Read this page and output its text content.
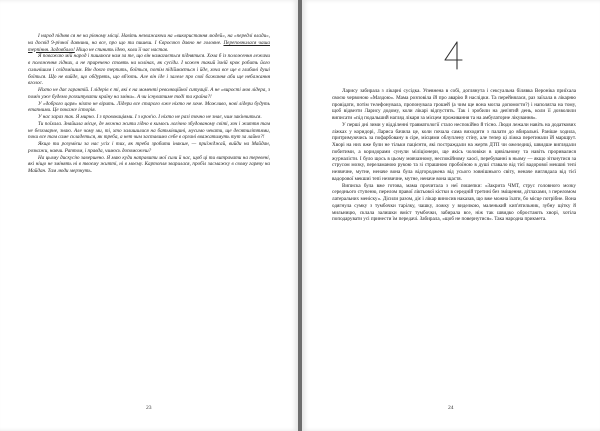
І народ підняв ся не на рівному місці. Навіть незважаючи на «використання людей», на «передлі влади», на досвід 9-річної давнини, на все, про що ти пишеш. І Євросоюз давно не головне. Переповнилася чаша терпіння. Задовбало! Ніщо не спинить ідею, коли її час настав.

Я поважаю мій народ і пишаюся нам за те, що він намагається піднятися. Хоча б із положення лежачи в положення гідних, а не приречено стоять на колінах, як сусіди. І кожен такий їхній крок робить його сильнішим і свідомішим. Він довго терпить, боїться, потім підіймається і йде, хоча все ще в глибині душі боїться. Що не вийде, що обдурять, що вб'ють. Але він іде і залеле про свої бажання аби ще небажання вголос.

Ніхто не дає гарантій. І лідерів є ті, які є на моменті революційної ситуації. А не «вирості мов лідера, з поміч уже будемо розхитувати країну на зміни». А чи існуватиме тоді та країна?!

У «доброго царя» ніхто не вірить. Лідери все старого вже ніхто не хоче. Можливо, нові лідери будуть етапними. Це покаже історія.

У нас зараз так. Я мирно. І з провокаціями. І з кров'ю. І ніхто не разі точно не знає, чим закінчиться.

Ти поїхала. Знайшла місце, де можна жити гідно в кимось логічно збудованому світі, хоч і життя там не безхмарне, знаю. Але чому ми, ті, хто залишилися на батьківщині, мусимо чекати, ще десятиліттями, поки все там саме складеться, як треба, а нет чим заставимо себе в органі вважатимуть тут за лайно?!

Якщо ти розумієш за нас усіх і тих, як треба зробити інакше, — приїжджай, вийди на Майдан, розкажи, навчи. Раптом, і правда, чимось допоможеш?

На цьому дискусію завершено. Я маю куди направити мої сили й час, щоб ці ти витрачати на теревені, які ніщо не змінять ні в твоєму житті, ні в моєму. Картопля зварилася, пробіл засмажку в свому гарячу на Майдан. Там люди мерзнуть.

23

Ларису забирала з лікарні сусідка. Упевнена в собі, доглянута і сексуальна білявка Вероніка приїхала своєю червоною «Маздою». Мама розповіла їй про аварію й наслідки. Та перейнялася, раз заїхала в лікарню провідати, потім телефонувала, пропонувала грошей (а чим ще вона могла допомогти?) і наполягла на тому, щоб відвезти Ларису додому, коли лікарі відпустять. Так і зробили на дев'ятий день, коли її дозволили виписати «під подальший нагляд лікаря за місцем проживання та на амбулаторне лікування».

У перші дні зими у відділенні травматології стало неспокійно й тісно. Люди лежали навіть на додаткових ліжках у коридорі, Лариса бачила це, коли почала сама виходити з палати до вбиральні. Раніше ходила, притримуючись за пофарбовану в сіре, місцями облуплену стіну, але тепер ці ліжка перетинали їй маршрут. Хворі на них вже були не тільки пацієнти, які постраждали на жертв ДТП чи ожеледиці, швидше виглядали побитими, а коридорами сунули міліціонери, ще якісь чоловіки в цивільному та навіть проривалися журналісти. І було щось в цьому мовчазному, неспокійному хаосі, перебуванні в ньому — якщо зіткнутися за струсом мозку, переламаною рукою та зі страшною пробоїною в душі ставало від тієї вадорової мекшиі тепі незвичне, мутне, неначе вона була відгороджена від усього зовнішнього світу, неначе виглядала від тієї вадорової мекшиі тепі незвичне, мутне, неначе вона щастя.

Виписка була вже готова, мама прочитала з неї пошепки: «Закрита ЧМТ, струс головного мозку середнього ступеню, перелом правої ліктьової кістки в середній третині без зміщення, дітлахами, з переломом латеральних меніску». Дісили разом, діє і лікар виносив наказав, що вже можна їхати, бо місце потрібне. Вона одягнула сумку з тумбочки тарілку, чашку, ложку у виделкою, маленький кип'ятильник, зубну щітку й мильницю, склала залишки вміст тумбочки, забирала все, ніж так швидко обростають хворі, хотіла поподарувати усі принести їм передачі. Забирала, «щоб не повернутися». Така народна прикмета.

24
